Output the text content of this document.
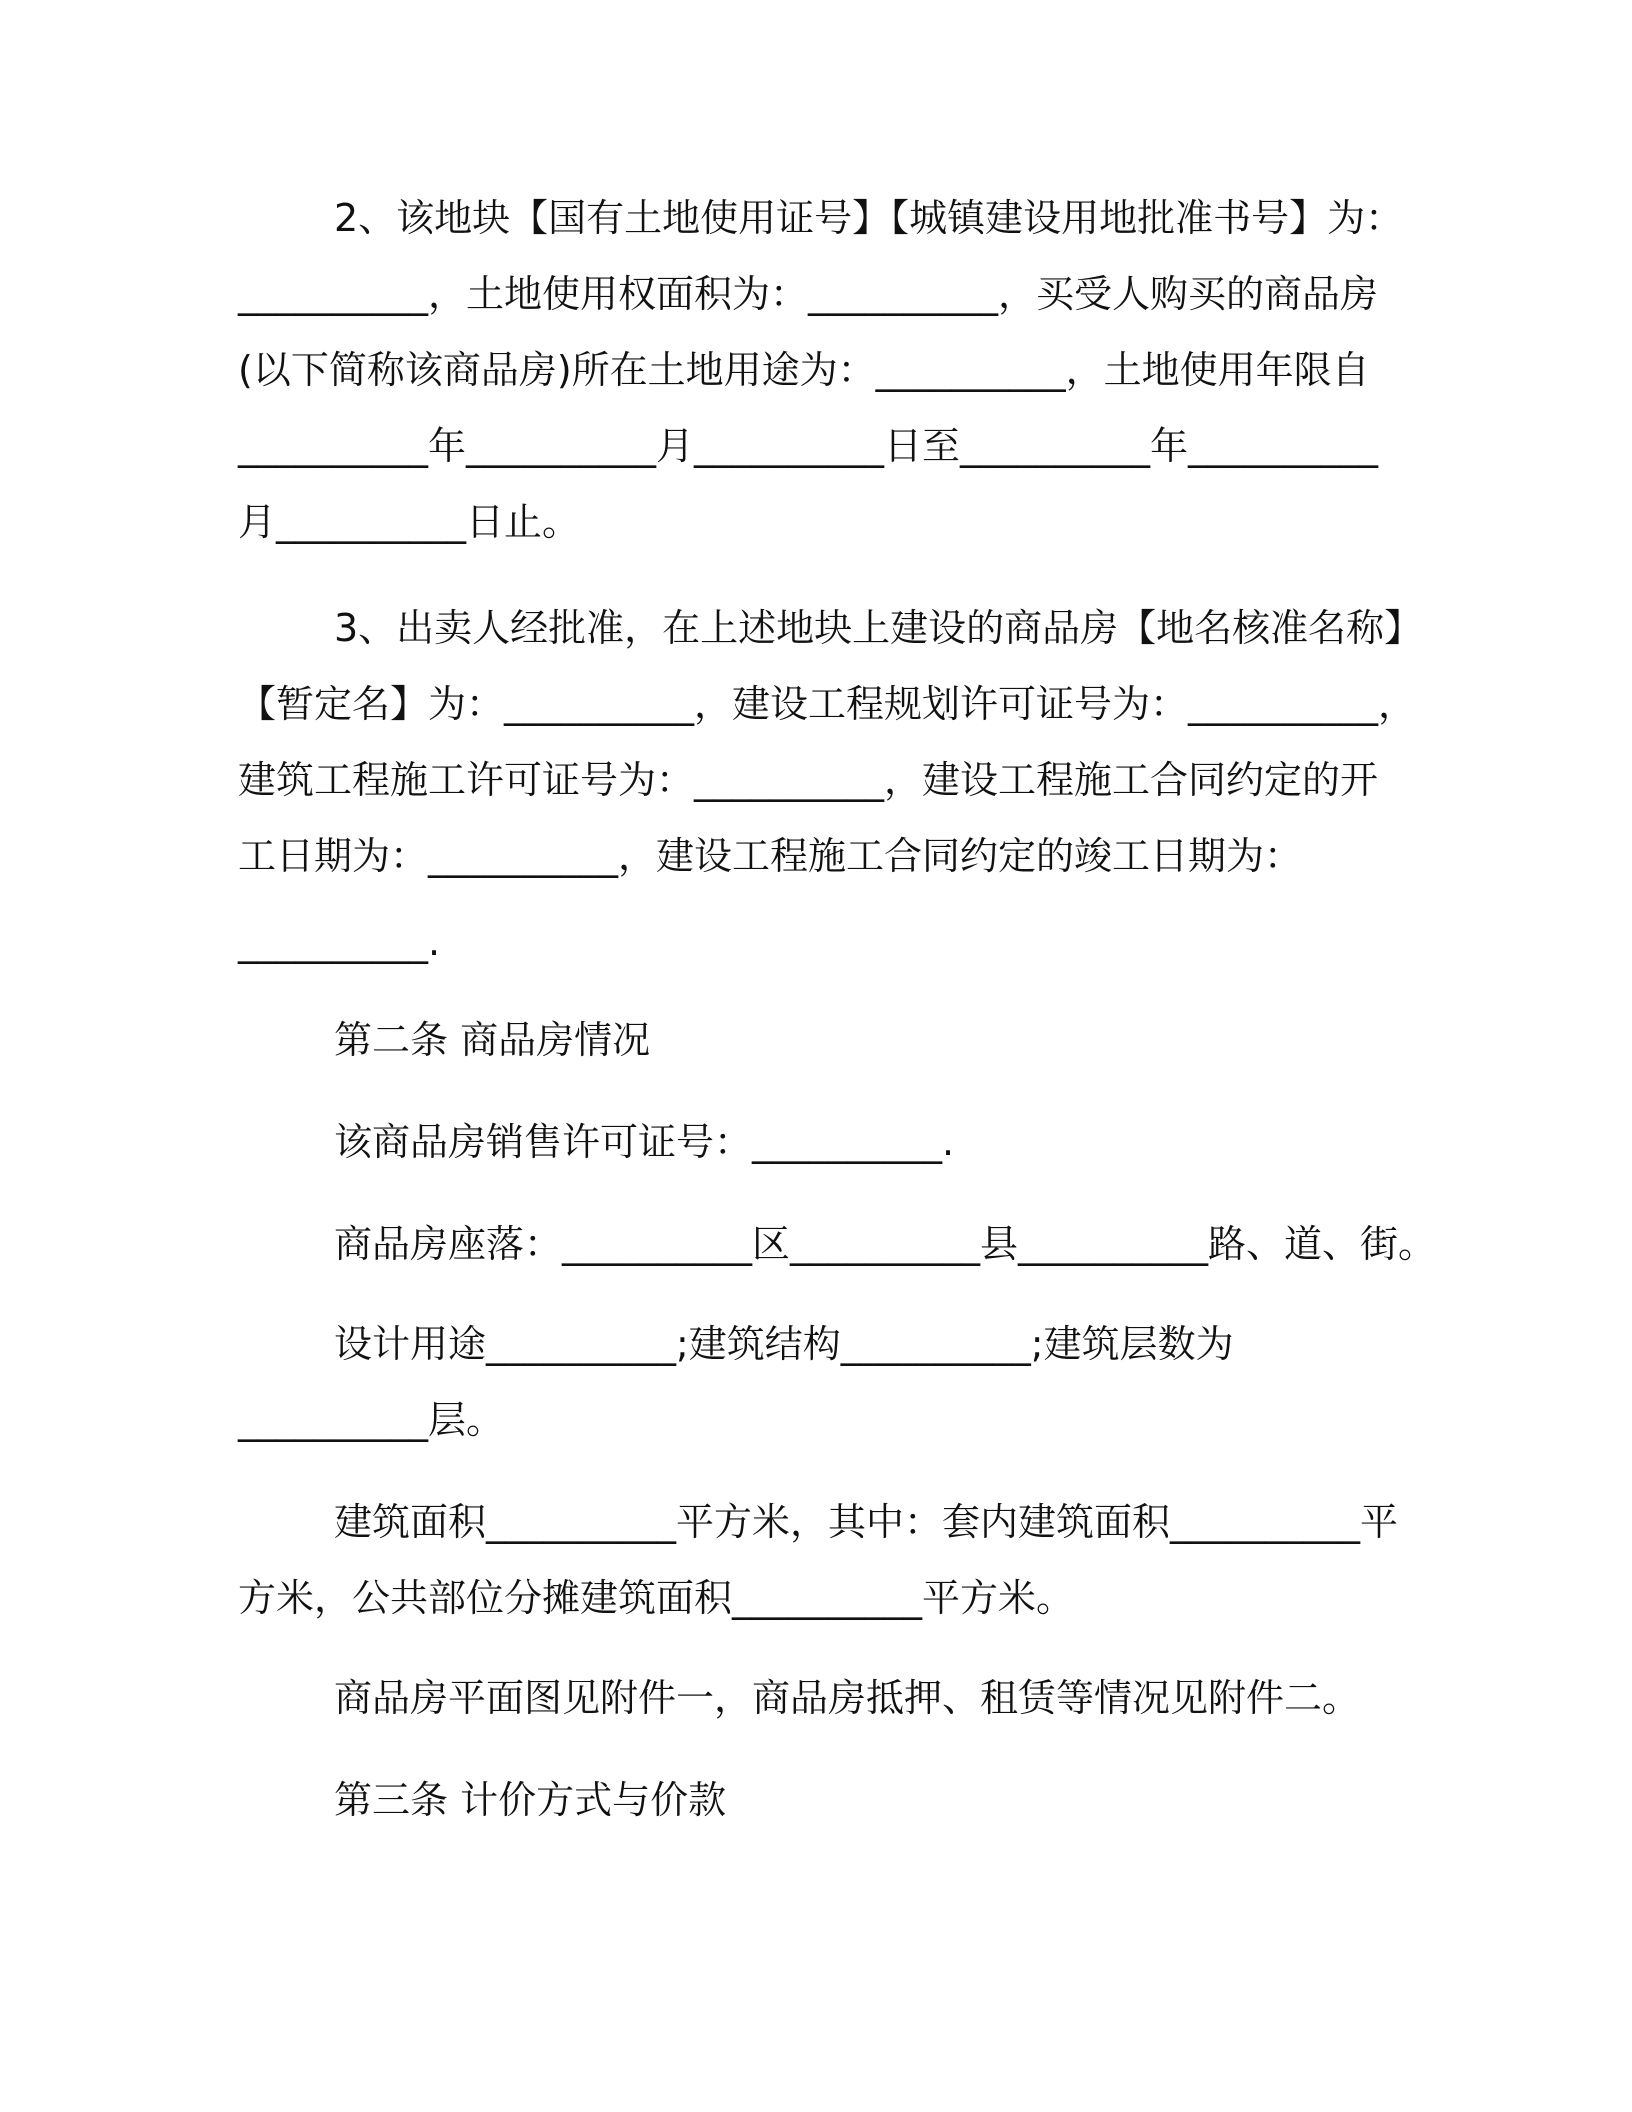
2、该地块【国有土地使用证号】【城镇建设用地批准书号】为：
__________，土地使用权面积为：__________，买受人购买的商品房
(以下简称该商品房)所在土地用途为：__________，土地使用年限自
__________年__________月__________日至__________年__________
月__________日止。
3、出卖人经批准，在上述地块上建设的商品房【地名核准名称】
【暂定名】为：__________，建设工程规划许可证号为：__________，
建筑工程施工许可证号为：__________，建设工程施工合同约定的开
工日期为：__________，建设工程施工合同约定的竣工日期为：
__________.
第二条 商品房情况
该商品房销售许可证号：__________.
商品房座落：__________区__________县__________路、道、街。
设计用途__________;建筑结构__________;建筑层数为
__________层。
建筑面积__________平方米，其中：套内建筑面积__________平
方米，公共部位分摊建筑面积__________平方米。
商品房平面图见附件一，商品房抵押、租赁等情况见附件二。
第三条 计价方式与价款
